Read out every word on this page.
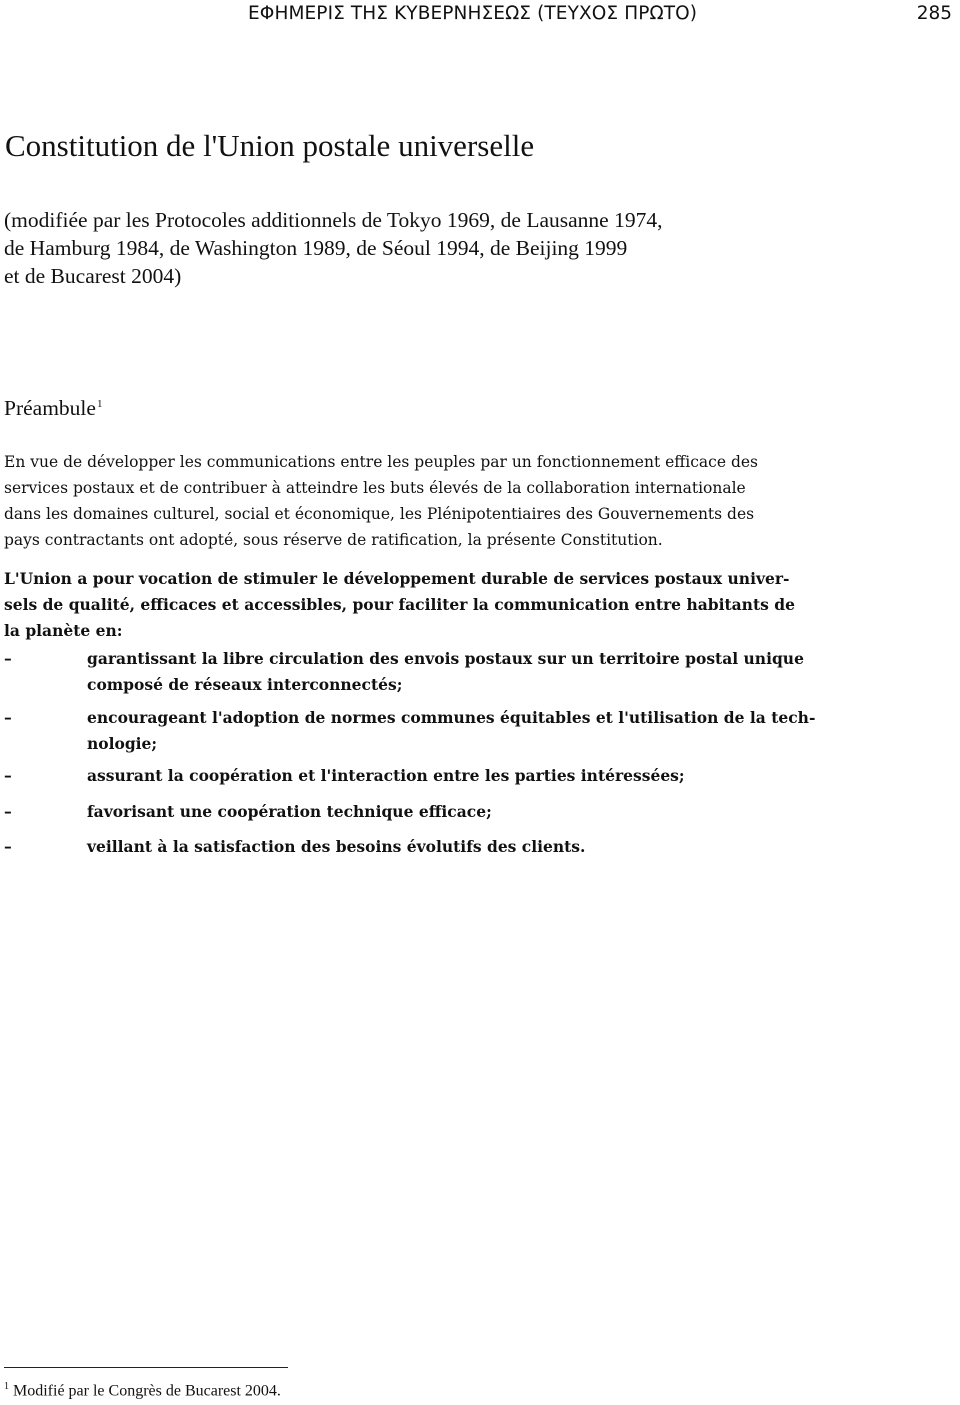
ΕΦΗΜΕΡΙΣ ΤΗΣ ΚΥΒΕΡΝΗΣΕΩΣ (ΤΕΥΧΟΣ ΠΡΩΤΟ)	285
Constitution de l'Union postale universelle

(modifiée par les Protocoles additionnels de Tokyo 1969, de Lausanne 1974,
de Hamburg 1984, de Washington 1989, de Séoul 1994, de Beijing 1999
et de Bucarest 2004)

Préambule$^1$

En vue de développer les communications entre les peuples par un fonctionnement efficace des
services postaux et de contribuer à atteindre les buts élevés de la collaboration internationale
dans les domaines culturel, social et économique, les Plénipotentiaires des Gouvernements des
pays contractants ont adopté, sous réserve de ratification, la présente Constitution.

L'Union a pour vocation de stimuler le développement durable de services postaux univer-
sels de qualité, efficaces et accessibles, pour faciliter la communication entre habitants de
la planète en:

–	garantissant la libre circulation des envois postaux sur un territoire postal unique
composé de réseaux interconnectés;
–	encourageant l'adoption de normes communes équitables et l'utilisation de la tech-
nologie;
–	assurant la coopération et l'interaction entre les parties intéressées;
–	favorisant une coopération technique efficace;
–	veillant à la satisfaction des besoins évolutifs des clients.
$^1$ Modifié par le Congrès de Bucarest 2004.
